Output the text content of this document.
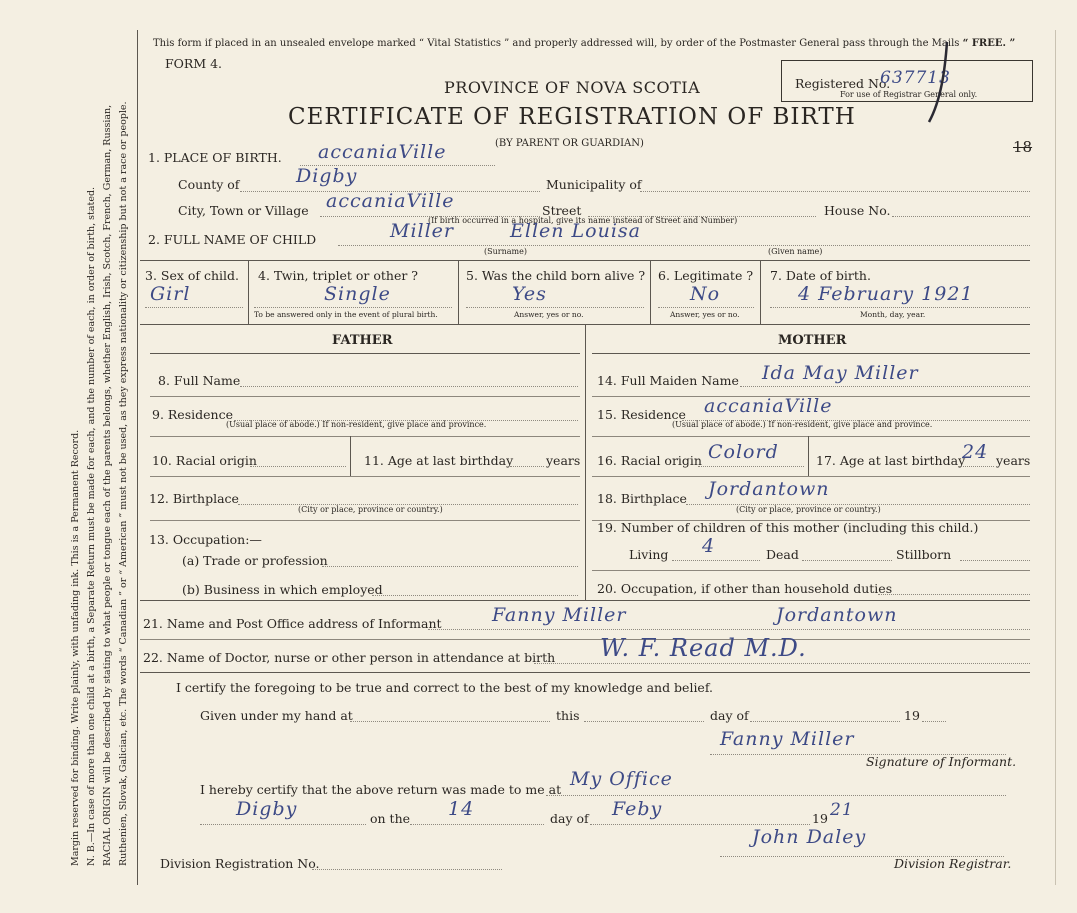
Margin reserved for binding. Write plainly, with unfading ink. This is a Permanent Record. N. B.—In case of more than one child at a birth, a Separate Return must be made for each, and the number of each, in order of birth, stated. RACIAL ORIGIN will be described by stating to what people or tongue each of the parents belongs, whether English, Irish, Scotch, French, German, Russian, Ruthenien, Slovak, Galician, etc. The words “ Canadian ” or “ American ” must not be used, as they express nationality or citizenship but not a race or people.
This form if placed in an unsealed envelope marked “ Vital Statistics ” and properly addressed will, by order of the Postmaster General pass through the Mails “ FREE. ”
FORM 4.
PROVINCE OF NOVA SCOTIA
CERTIFICATE OF REGISTRATION OF BIRTH
(BY PARENT OR GUARDIAN)
Registered No.
637713
For use of Registrar General only.
18
1. PLACE OF BIRTH. accaniaVille
County of	Digby	Municipality of
City, Town or Village accaniaVille	Street	House No.
(If birth occurred in a hospital, give its name instead of Street and Number)
2. FULL NAME OF CHILD	Miller	Ellen Louisa
(Surname)	(Given name)
3. Sex of child.
Girl
4. Twin, triplet or other ?
Single
To be answered only in the event of plural birth.
5. Was the child born alive ?
Yes
Answer, yes or no.
6. Legitimate ?
No
Answer, yes or no.
7. Date of birth.
4 February 1921
Month, day, year.
FATHER	MOTHER
8. Full Name
9. Residence
(Usual place of abode.) If non-resident, give place and province.
10. Racial origin	11. Age at last birthday	years
12. Birthplace
(City or place, province or country.)
13. Occupation:—
(a) Trade or profession
(b) Business in which employed
14. Full Maiden Name Ida May Miller
15. Residence accaniaVille
(Usual place of abode.) If non-resident, give place and province.
16. Racial origin Colord	17. Age at last birthday
24 years
18. Birthplace Jordantown
(City or place, province or country.)
19. Number of children of this mother (including this child.)
Living 4	Dead	Stillborn
20. Occupation, if other than household duties
21. Name and Post Office address of Informant	Fanny Miller	Jordantown
22. Name of Doctor, nurse or other person in attendance at birth W. F. Read M.D.
I certify the foregoing to be true and correct to the best of my knowledge and belief.
Given under my hand at	this	day of	19
Fanny Miller
Signature of Informant.
I hereby certify that the above return was made to me at My Office
Digby	on the 14	day of Feby	19 21
Division Registration No.
John Daley
Division Registrar.
